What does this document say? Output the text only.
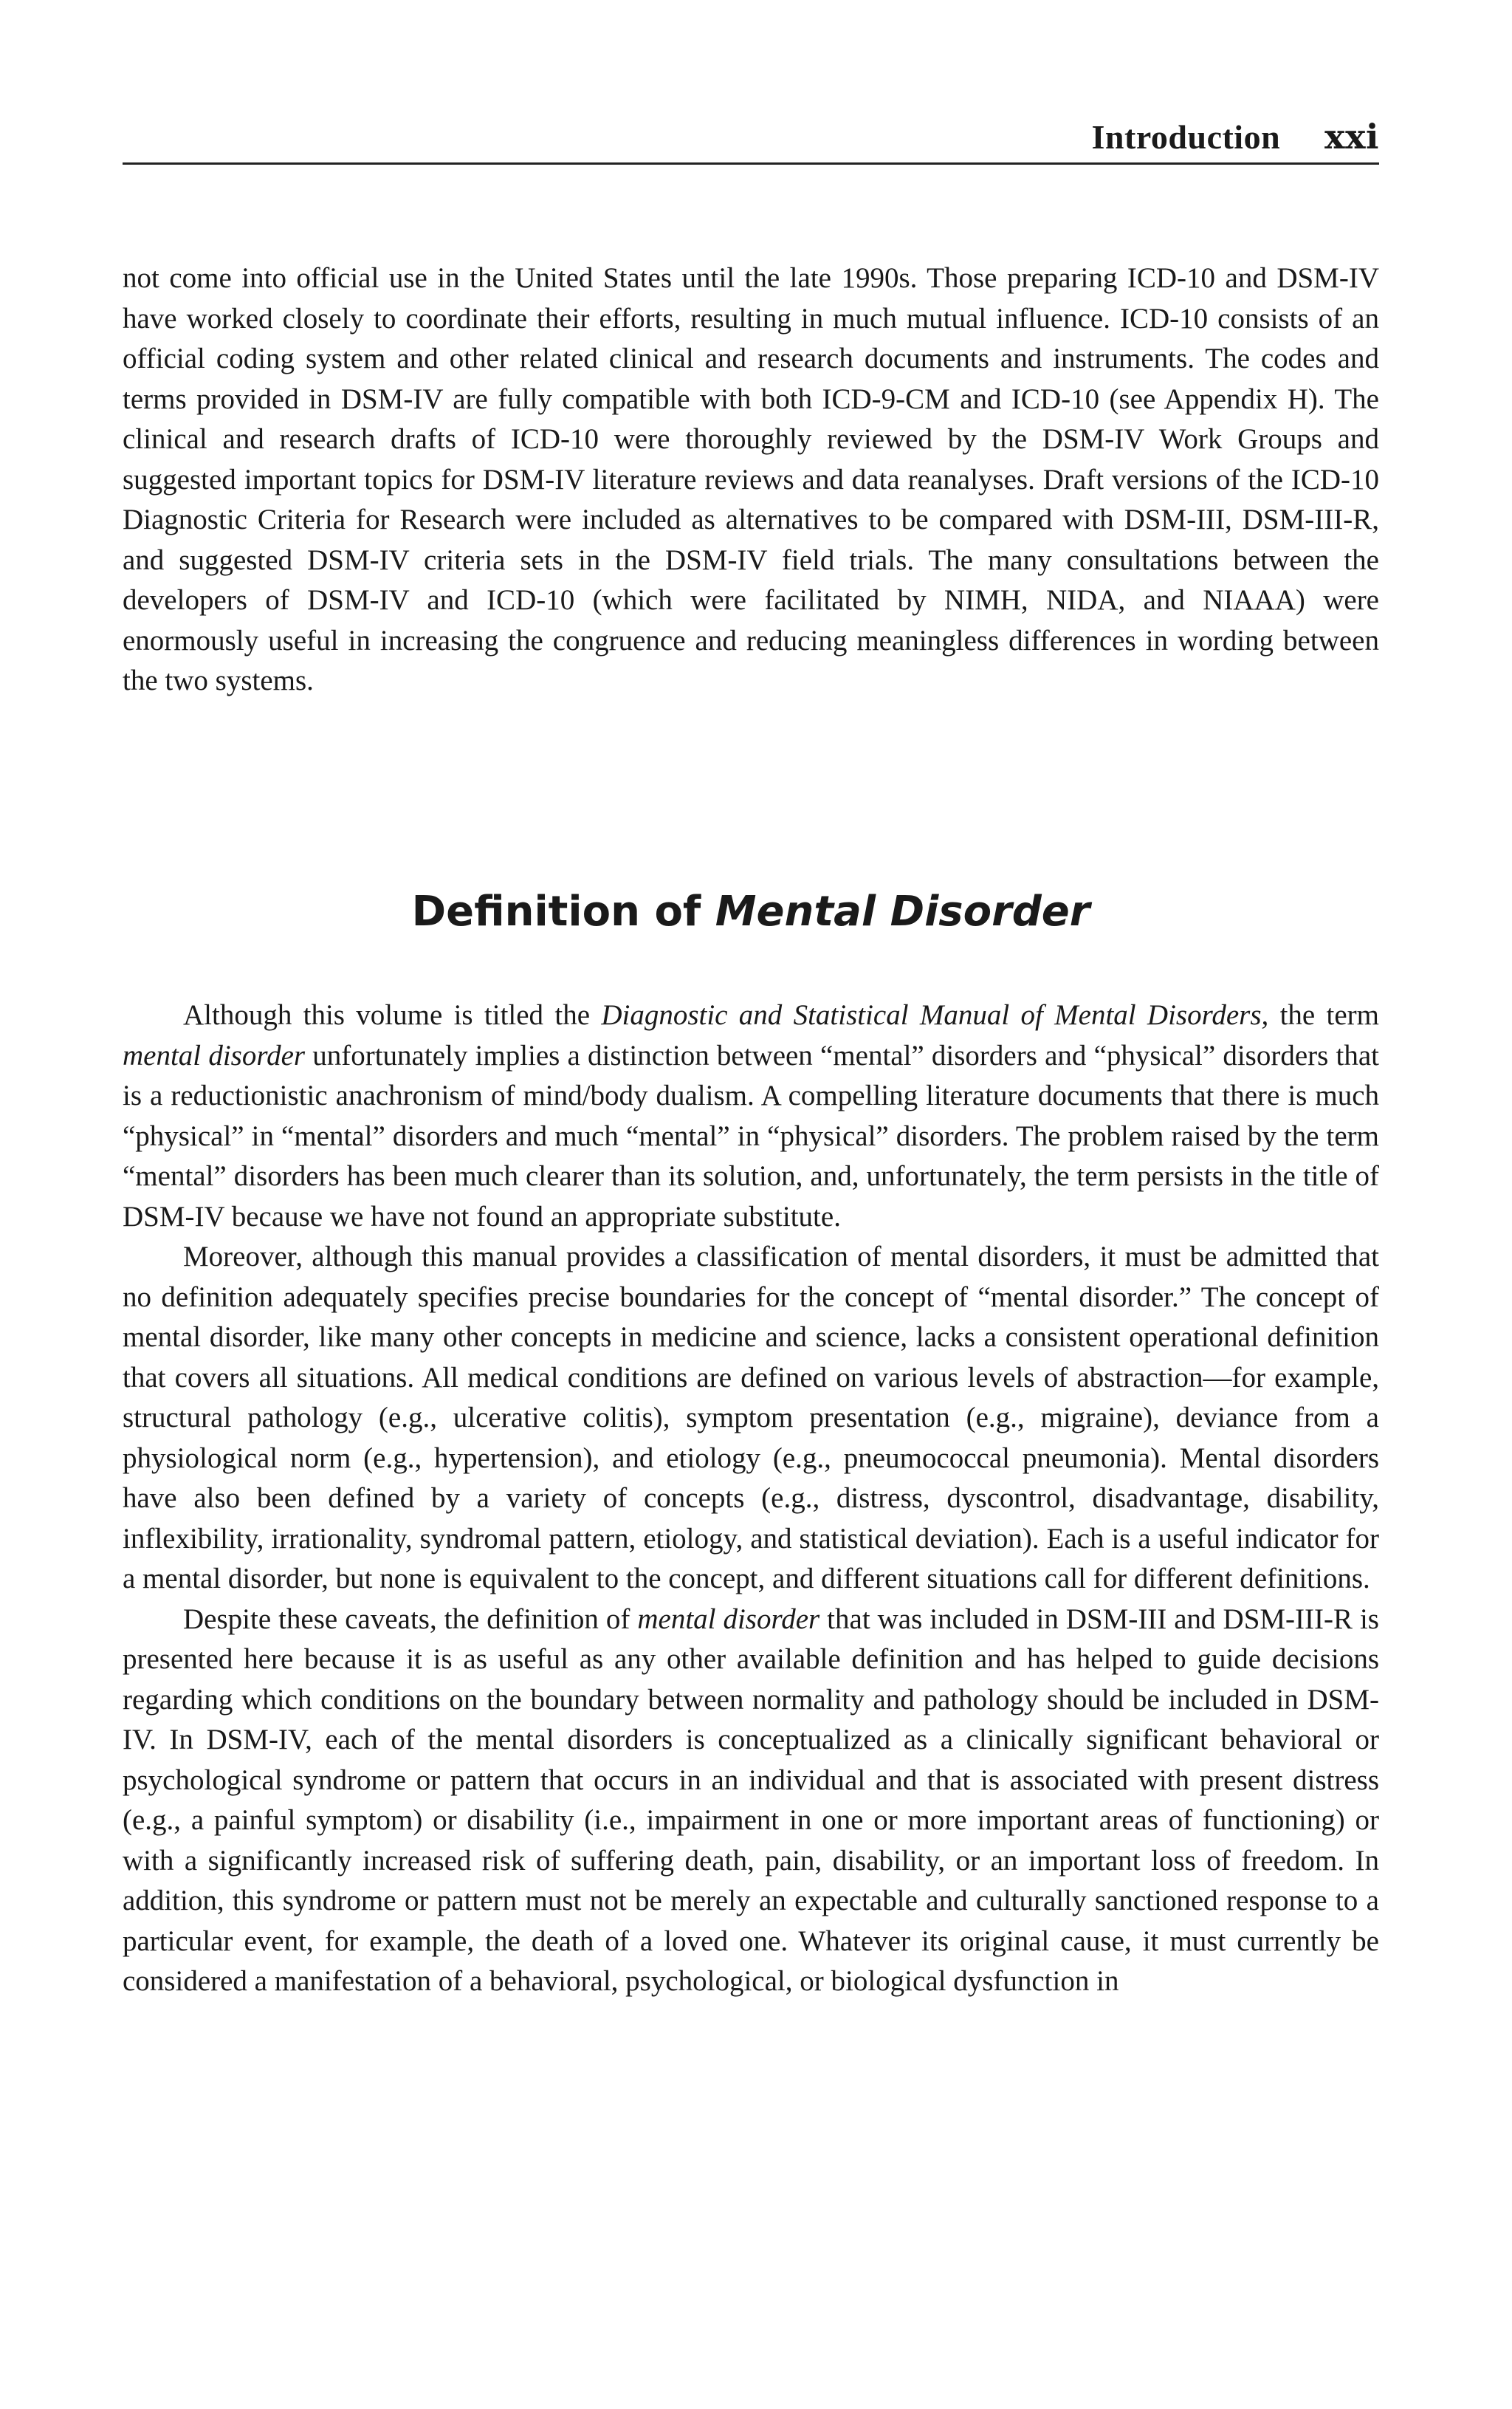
Introduction xxi

not come into official use in the United States until the late 1990s. Those preparing ICD-10 and DSM-IV have worked closely to coordinate their efforts, resulting in much mutual influence. ICD-10 consists of an official coding system and other related clinical and research documents and instruments. The codes and terms provided in DSM-IV are fully compatible with both ICD-9-CM and ICD-10 (see Appendix H). The clinical and research drafts of ICD-10 were thoroughly reviewed by the DSM-IV Work Groups and suggested important topics for DSM-IV literature reviews and data reanalyses. Draft versions of the ICD-10 Diagnostic Criteria for Research were included as alternatives to be compared with DSM-III, DSM-III-R, and suggested DSM-IV criteria sets in the DSM-IV field trials. The many consultations between the developers of DSM-IV and ICD-10 (which were facilitated by NIMH, NIDA, and NIAAA) were enormously useful in increasing the congruence and reducing meaningless differences in wording between the two systems.

Definition of Mental Disorder

Although this volume is titled the Diagnostic and Statistical Manual of Mental Disorders, the term mental disorder unfortunately implies a distinction between “mental” disorders and “physical” disorders that is a reductionistic anachronism of mind/body dualism. A compelling literature documents that there is much “physical” in “mental” disorders and much “mental” in “physical” disorders. The problem raised by the term “mental” disorders has been much clearer than its solution, and, unfortunately, the term persists in the title of DSM-IV because we have not found an appropriate substitute.

Moreover, although this manual provides a classification of mental disorders, it must be admitted that no definition adequately specifies precise boundaries for the concept of “mental disorder.” The concept of mental disorder, like many other concepts in medicine and science, lacks a consistent operational definition that covers all situations. All medical conditions are defined on various levels of abstraction—for example, structural pathology (e.g., ulcerative colitis), symptom presentation (e.g., migraine), deviance from a physiological norm (e.g., hypertension), and etiology (e.g., pneumococcal pneumonia). Mental disorders have also been defined by a variety of concepts (e.g., distress, dyscontrol, disadvantage, disability, inflexibility, irrationality, syndromal pattern, etiology, and statistical deviation). Each is a useful indicator for a mental disorder, but none is equivalent to the concept, and different situations call for different definitions.

Despite these caveats, the definition of mental disorder that was included in DSM-III and DSM-III-R is presented here because it is as useful as any other available definition and has helped to guide decisions regarding which conditions on the boundary between normality and pathology should be included in DSM-IV. In DSM-IV, each of the mental disorders is conceptualized as a clinically significant behavioral or psychological syndrome or pattern that occurs in an individual and that is associated with present distress (e.g., a painful symptom) or disability (i.e., impairment in one or more important areas of functioning) or with a significantly increased risk of suffering death, pain, disability, or an important loss of freedom. In addition, this syndrome or pattern must not be merely an expectable and culturally sanctioned response to a particular event, for example, the death of a loved one. Whatever its original cause, it must currently be considered a manifestation of a behavioral, psychological, or biological dysfunction in
